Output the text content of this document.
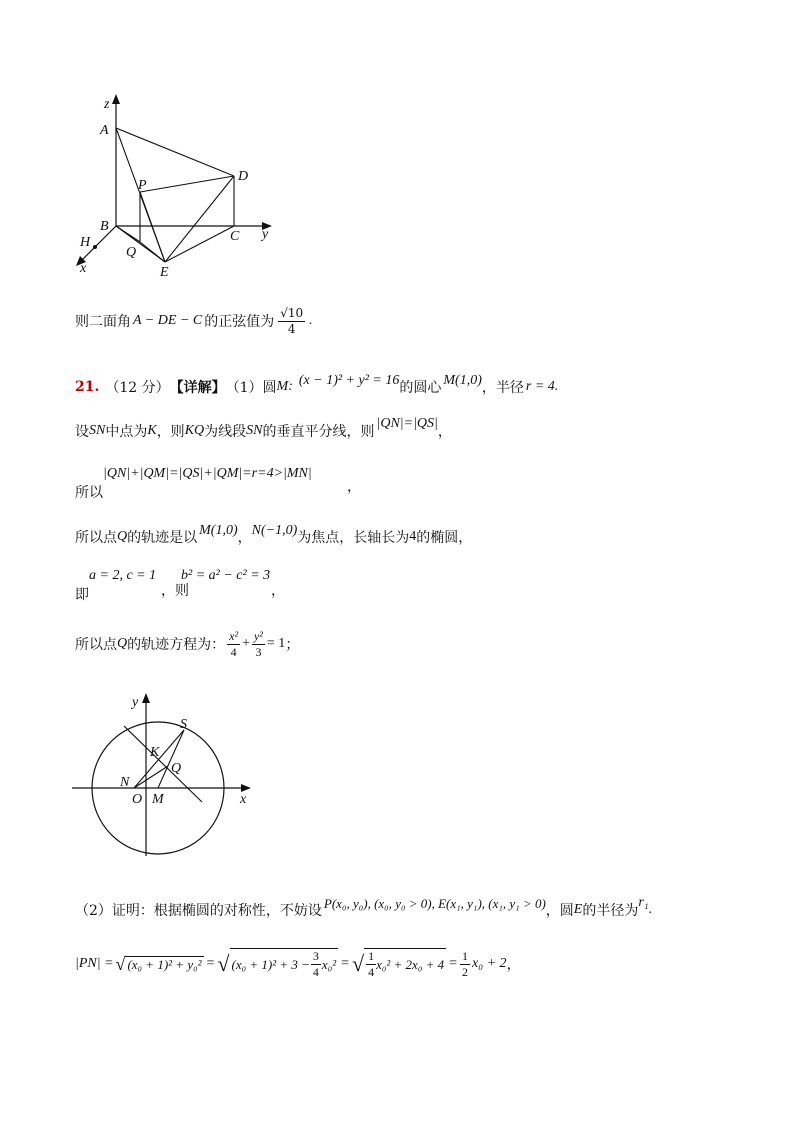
z
A
D
P
B
C y
H
Q
E
x
则二面角 A − DE − C 的正弦值为 $\frac{√10}{4}$ .
21. （12 分） 【详解】 （1）圆 M: (x − 1)² + y² = 16 的圆心 M(1,0) ，半径 r = 4 .
设 SN 中点为 K ，则 KQ 为线段 SN 的垂直平分线，则
|QN|=|QS|
，
|QN|+|QM|=|QS|+|QM|=r=4>|MN|
所以	，
所以点 Q 的轨迹是以 M(1,0) ， N(−1,0) 为焦点，长轴长为 4 的椭圆，
a = 2, c = 1
即	，则
b² = a² − c² = 3
，
所以点 Q 的轨迹方程为： $\frac{\text{x²}}{4} + \frac{\text{y²}}{3} = 1$ ；
y
S
K
Q
N
O M	x
（2）证明：根据椭圆的对称性，不妨设 P(x₀, y₀), (x₀, y₀ > 0), E(x₁, y₁), (x₁, y₁ > 0) ，圆 E 的半径为
r₁ .
|PN| = √ (x₀ + 1)² + y₀² = √ $(x_0 + 1)^2 + 3 - \frac{3}{4} x_0^2$ = √ $\frac{1}{4} x_0^2 + 2x_0 + 4 = \frac{1}{2} x_0 + 2$ ，
